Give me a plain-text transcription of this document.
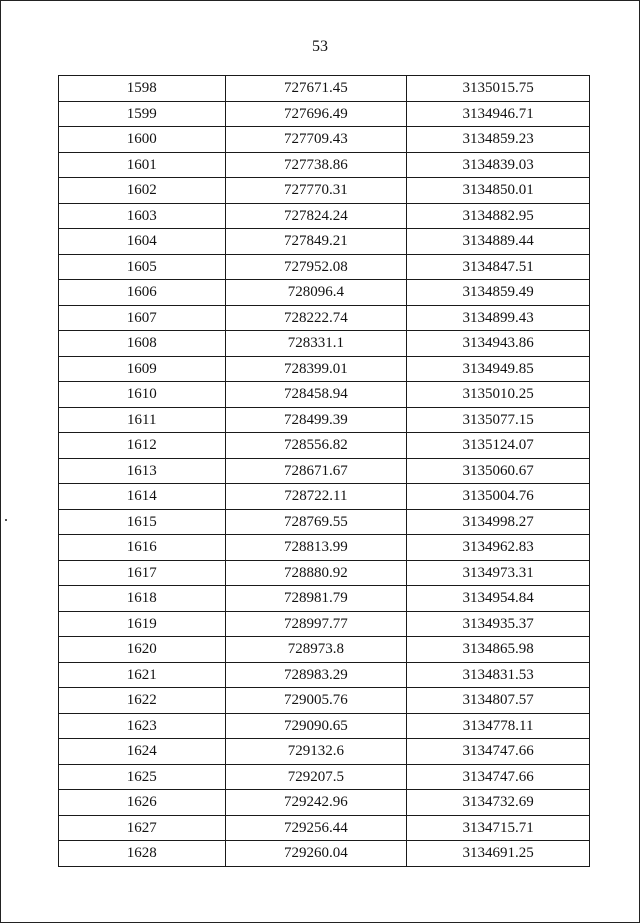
53
1598	727671.45	3135015.75
1599	727696.49	3134946.71
1600	727709.43	3134859.23
1601	727738.86	3134839.03
1602	727770.31	3134850.01
1603	727824.24	3134882.95
1604	727849.21	3134889.44
1605	727952.08	3134847.51
1606	728096.4	3134859.49
1607	728222.74	3134899.43
1608	728331.1	3134943.86
1609	728399.01	3134949.85
1610	728458.94	3135010.25
1611	728499.39	3135077.15
1612	728556.82	3135124.07
1613	728671.67	3135060.67
1614	728722.11	3135004.76
1615	728769.55	3134998.27
1616	728813.99	3134962.83
1617	728880.92	3134973.31
1618	728981.79	3134954.84
1619	728997.77	3134935.37
1620	728973.8	3134865.98
1621	728983.29	3134831.53
1622	729005.76	3134807.57
1623	729090.65	3134778.11
1624	729132.6	3134747.66
1625	729207.5	3134747.66
1626	729242.96	3134732.69
1627	729256.44	3134715.71
1628	729260.04	3134691.25
